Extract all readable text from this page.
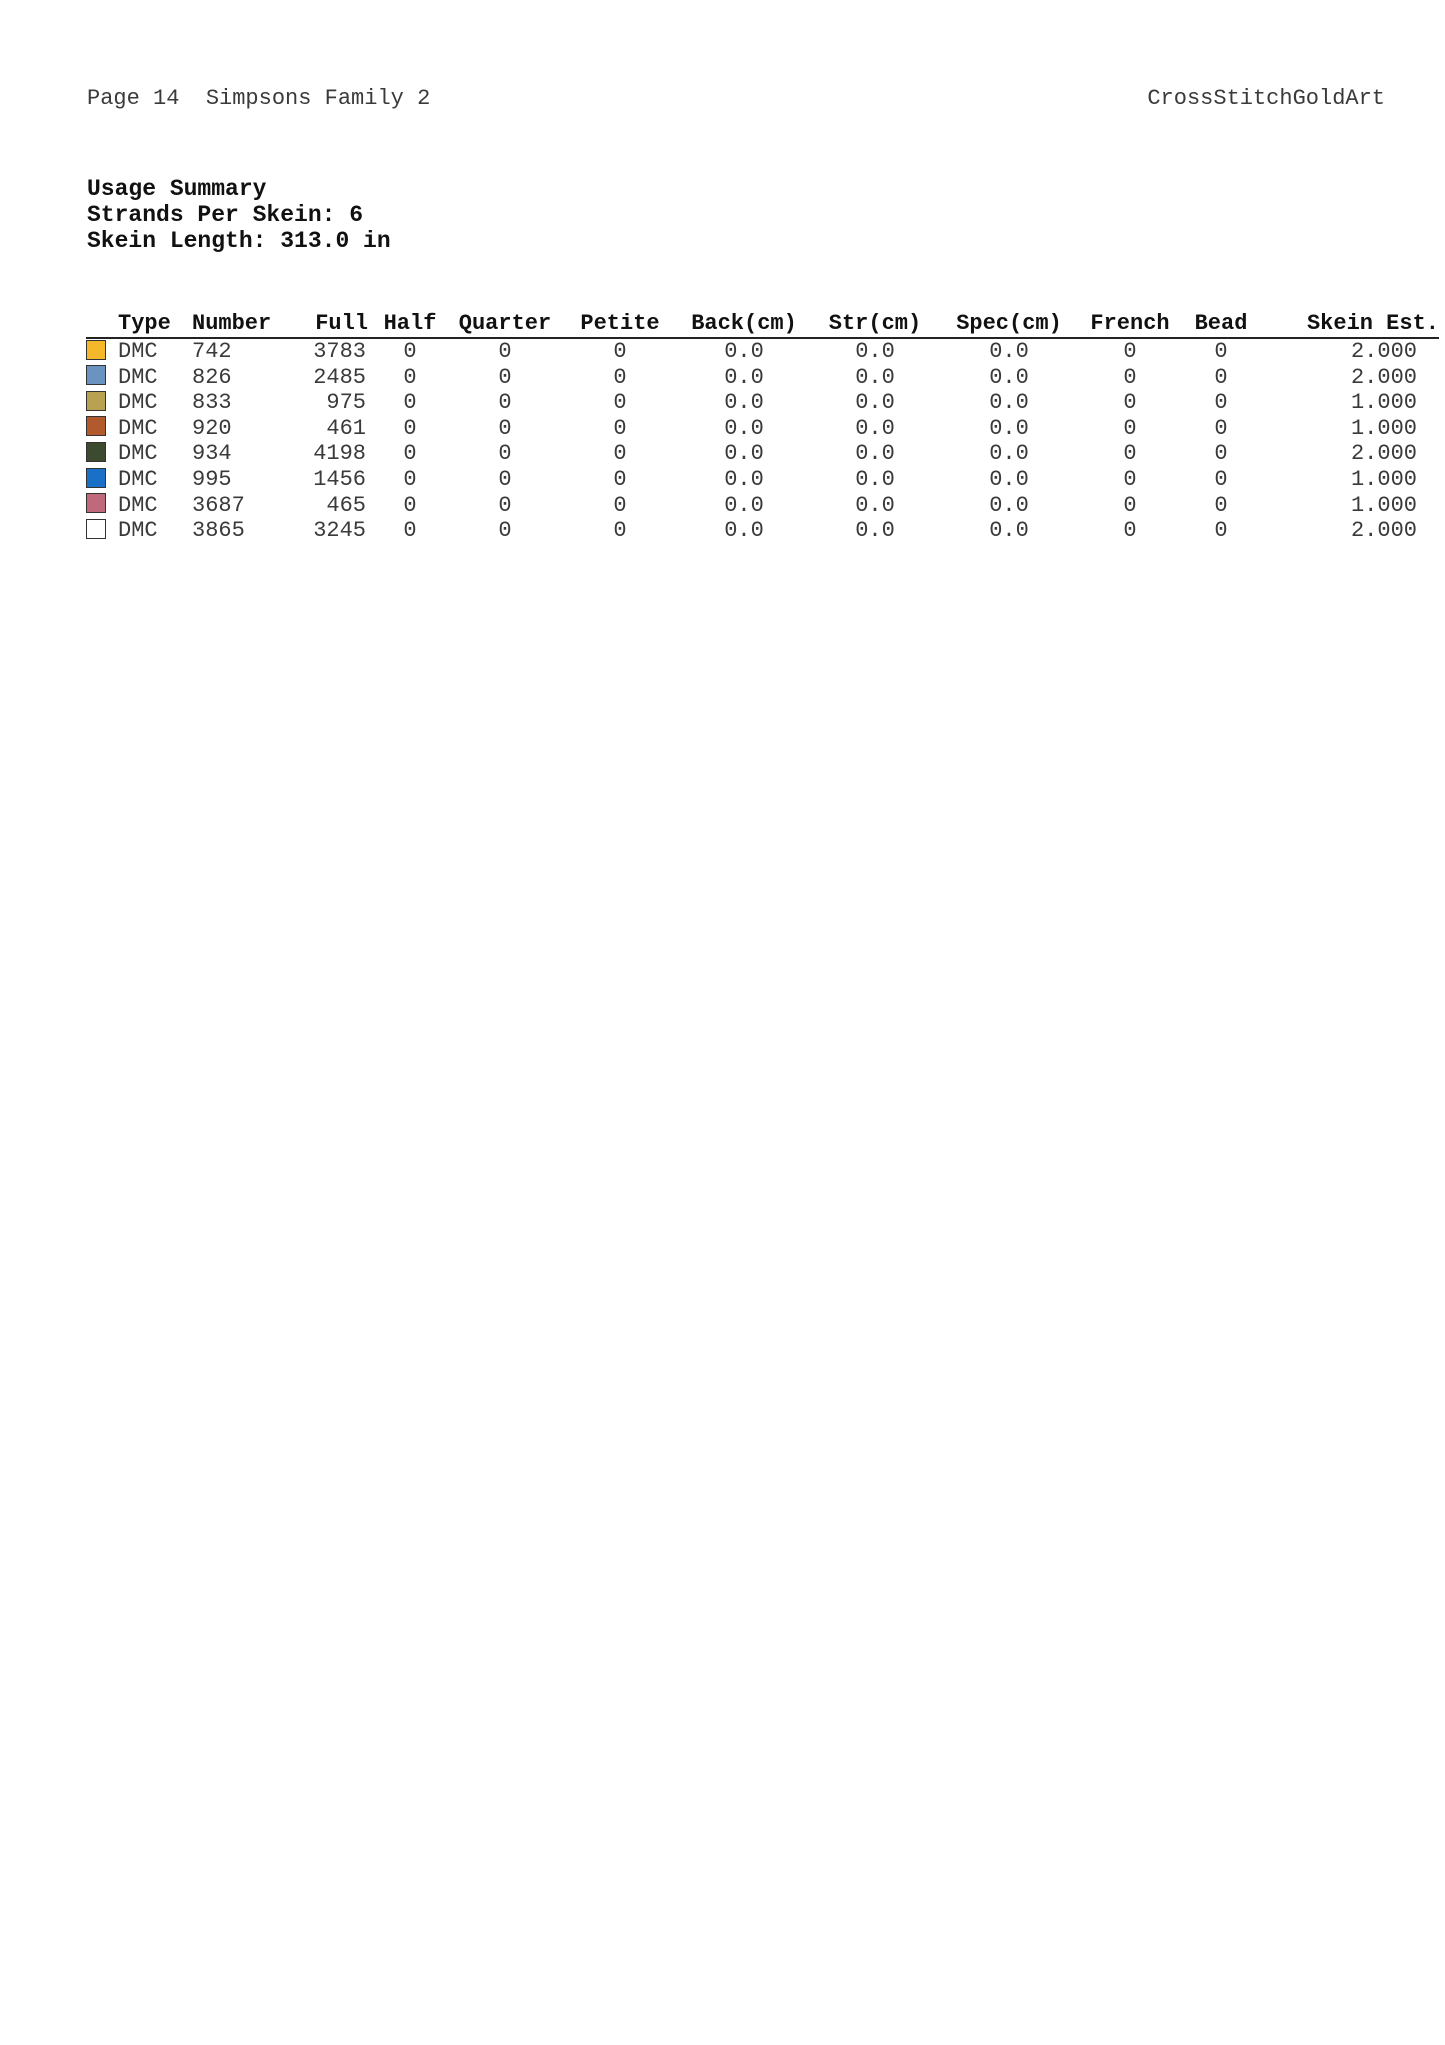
Page 14 Simpsons Family 2	CrossStitchGoldArt
Usage Summary
Strands Per Skein: 6
Skein Length: 313.0 in
	Type	Number	Full	Half	Quarter	Petite	Back(cm)	Str(cm)	Spec(cm)	French	Bead	Skein Est.
	DMC	742	3783	0	0	0	0.0	0.0	0.0	0	0	2.000
	DMC	826	2485	0	0	0	0.0	0.0	0.0	0	0	2.000
	DMC	833	975	0	0	0	0.0	0.0	0.0	0	0	1.000
	DMC	920	461	0	0	0	0.0	0.0	0.0	0	0	1.000
	DMC	934	4198	0	0	0	0.0	0.0	0.0	0	0	2.000
	DMC	995	1456	0	0	0	0.0	0.0	0.0	0	0	1.000
	DMC	3687	465	0	0	0	0.0	0.0	0.0	0	0	1.000
	DMC	3865	3245	0	0	0	0.0	0.0	0.0	0	0	2.000
